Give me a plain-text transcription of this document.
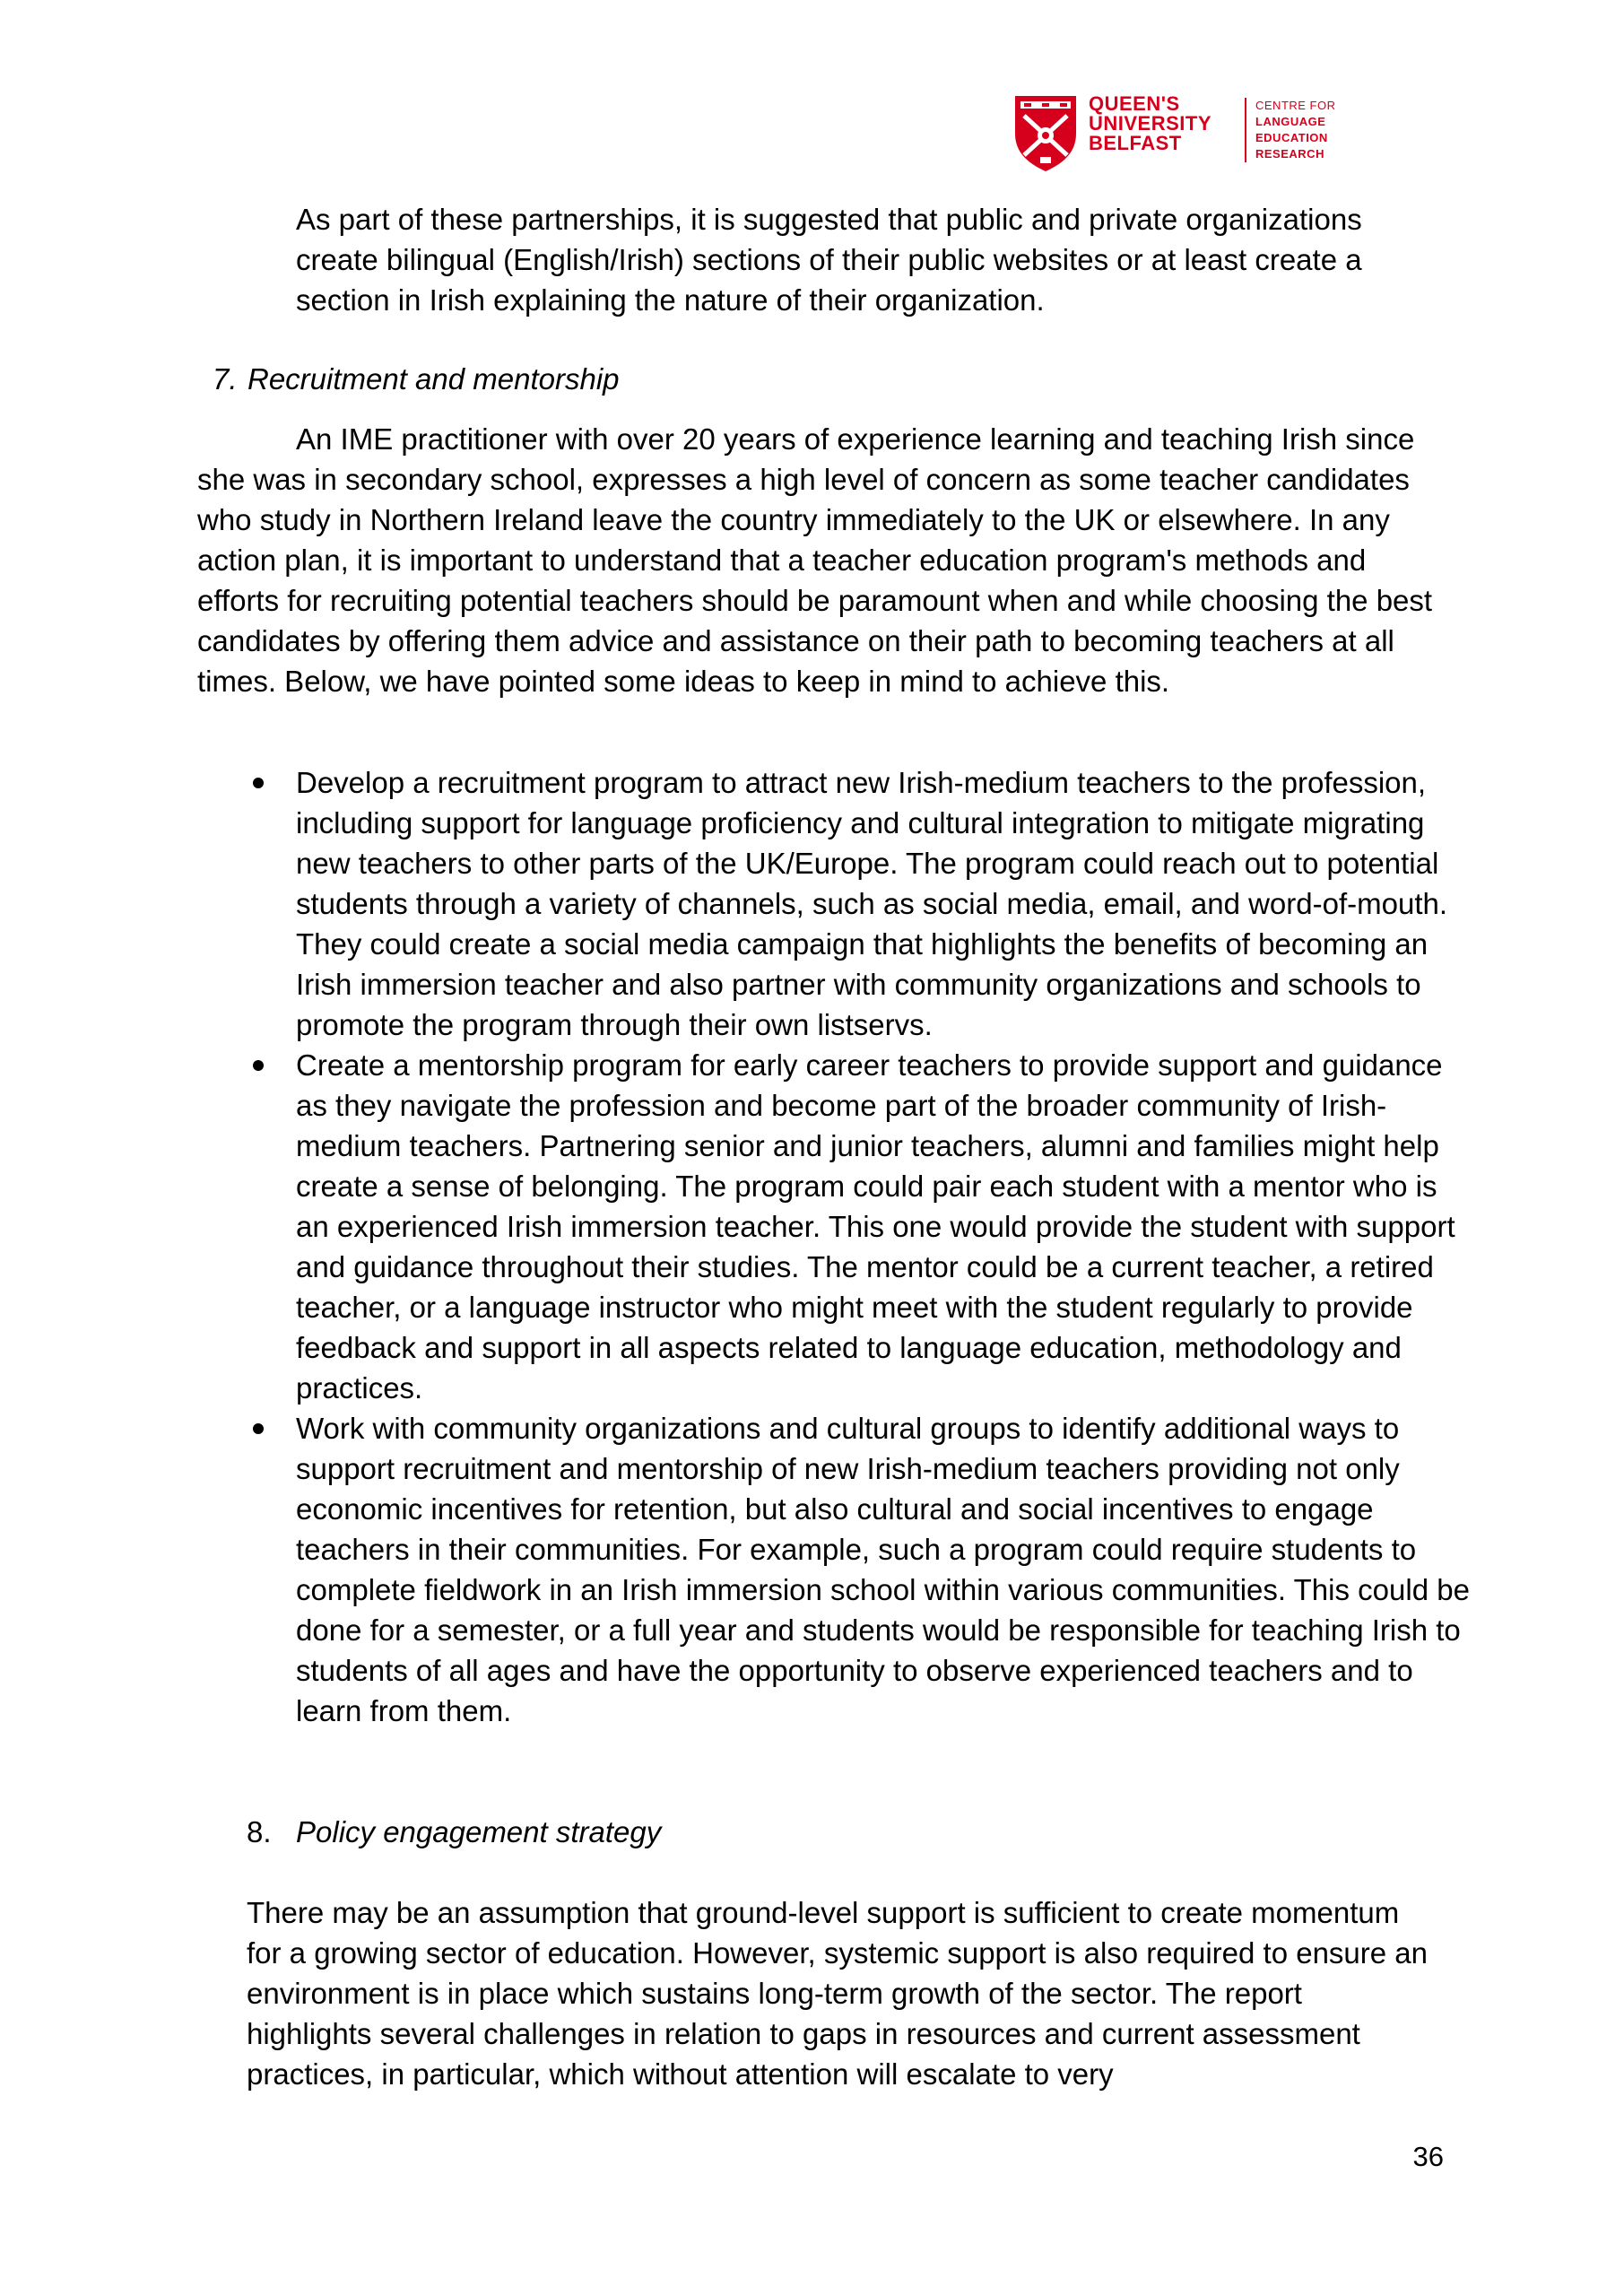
QUEEN'S
UNIVERSITY
BELFAST
CENTRE FOR
LANGUAGE
EDUCATION
RESEARCH
As part of these partnerships, it is suggested that public and private organizations create bilingual (English/Irish) sections of their public websites or at least create a section in Irish explaining the nature of their organization.
7. Recruitment and mentorship
An IME practitioner with over 20 years of experience learning and teaching Irish since she was in secondary school, expresses a high level of concern as some teacher candidates who study in Northern Ireland leave the country immediately to the UK or elsewhere. In any action plan, it is important to understand that a teacher education program's methods and efforts for recruiting potential teachers should be paramount when and while choosing the best candidates by offering them advice and assistance on their path to becoming teachers at all times. Below, we have pointed some ideas to keep in mind to achieve this.
Develop a recruitment program to attract new Irish-medium teachers to the profession, including support for language proficiency and cultural integration to mitigate migrating new teachers to other parts of the UK/Europe. The program could reach out to potential students through a variety of channels, such as social media, email, and word-of-mouth. They could create a social media campaign that highlights the benefits of becoming an Irish immersion teacher and also partner with community organizations and schools to promote the program through their own listservs.
Create a mentorship program for early career teachers to provide support and guidance as they navigate the profession and become part of the broader community of Irish-medium teachers. Partnering senior and junior teachers, alumni and families might help create a sense of belonging. The program could pair each student with a mentor who is an experienced Irish immersion teacher. This one would provide the student with support and guidance throughout their studies. The mentor could be a current teacher, a retired teacher, or a language instructor who might meet with the student regularly to provide feedback and support in all aspects related to language education, methodology and practices.
Work with community organizations and cultural groups to identify additional ways to support recruitment and mentorship of new Irish-medium teachers providing not only economic incentives for retention, but also cultural and social incentives to engage teachers in their communities. For example, such a program could require students to complete fieldwork in an Irish immersion school within various communities. This could be done for a semester, or a full year and students would be responsible for teaching Irish to students of all ages and have the opportunity to observe experienced teachers and to learn from them.
8. Policy engagement strategy
There may be an assumption that ground-level support is sufficient to create momentum for a growing sector of education. However, systemic support is also required to ensure an environment is in place which sustains long-term growth of the sector. The report highlights several challenges in relation to gaps in resources and current assessment practices, in particular, which without attention will escalate to very
36
